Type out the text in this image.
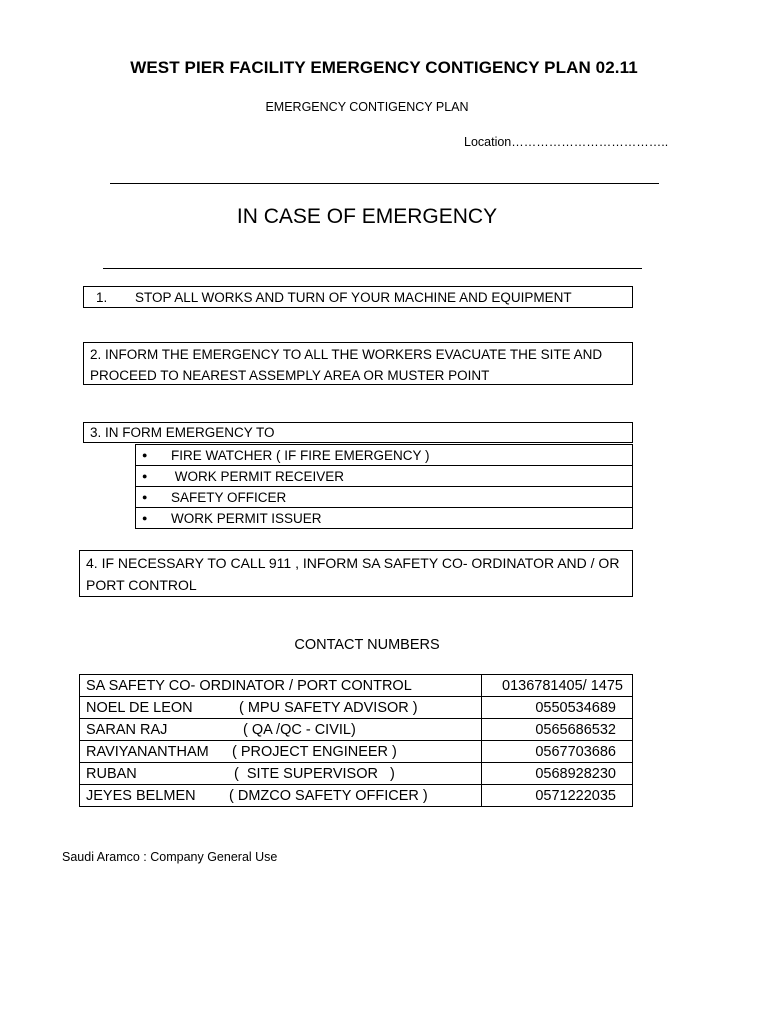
WEST PIER FACILITY EMERGENCY CONTIGENCY PLAN 02.11
EMERGENCY CONTIGENCY PLAN
Location………………………………..
IN CASE OF EMERGENCY
1. STOP ALL WORKS AND TURN OF YOUR MACHINE AND EQUIPMENT
2. INFORM THE EMERGENCY TO ALL THE WORKERS EVACUATE THE SITE AND PROCEED TO NEAREST ASSEMPLY AREA OR MUSTER POINT
3. IN FORM EMERGENCY TO
● FIRE WATCHER ( IF FIRE EMERGENCY )
● WORK PERMIT RECEIVER
● SAFETY OFFICER
● WORK PERMIT ISSUER
4. IF NECESSARY TO CALL 911 , INFORM SA SAFETY CO- ORDINATOR AND / OR PORT CONTROL
CONTACT NUMBERS
SA SAFETY CO- ORDINATOR / PORT CONTROL	0136781405/ 1475
NOEL DE LEON ( MPU SAFETY ADVISOR )	0550534689
SARAN RAJ ( QA /QC - CIVIL)	0565686532
RAVIYANANTHAM ( PROJECT ENGINEER )	0567703686
RUBAN (  SITE SUPERVISOR   )	0568928230
JEYES BELMEN ( DMZCO SAFETY OFFICER )	0571222035
Saudi Aramco : Company General Use
